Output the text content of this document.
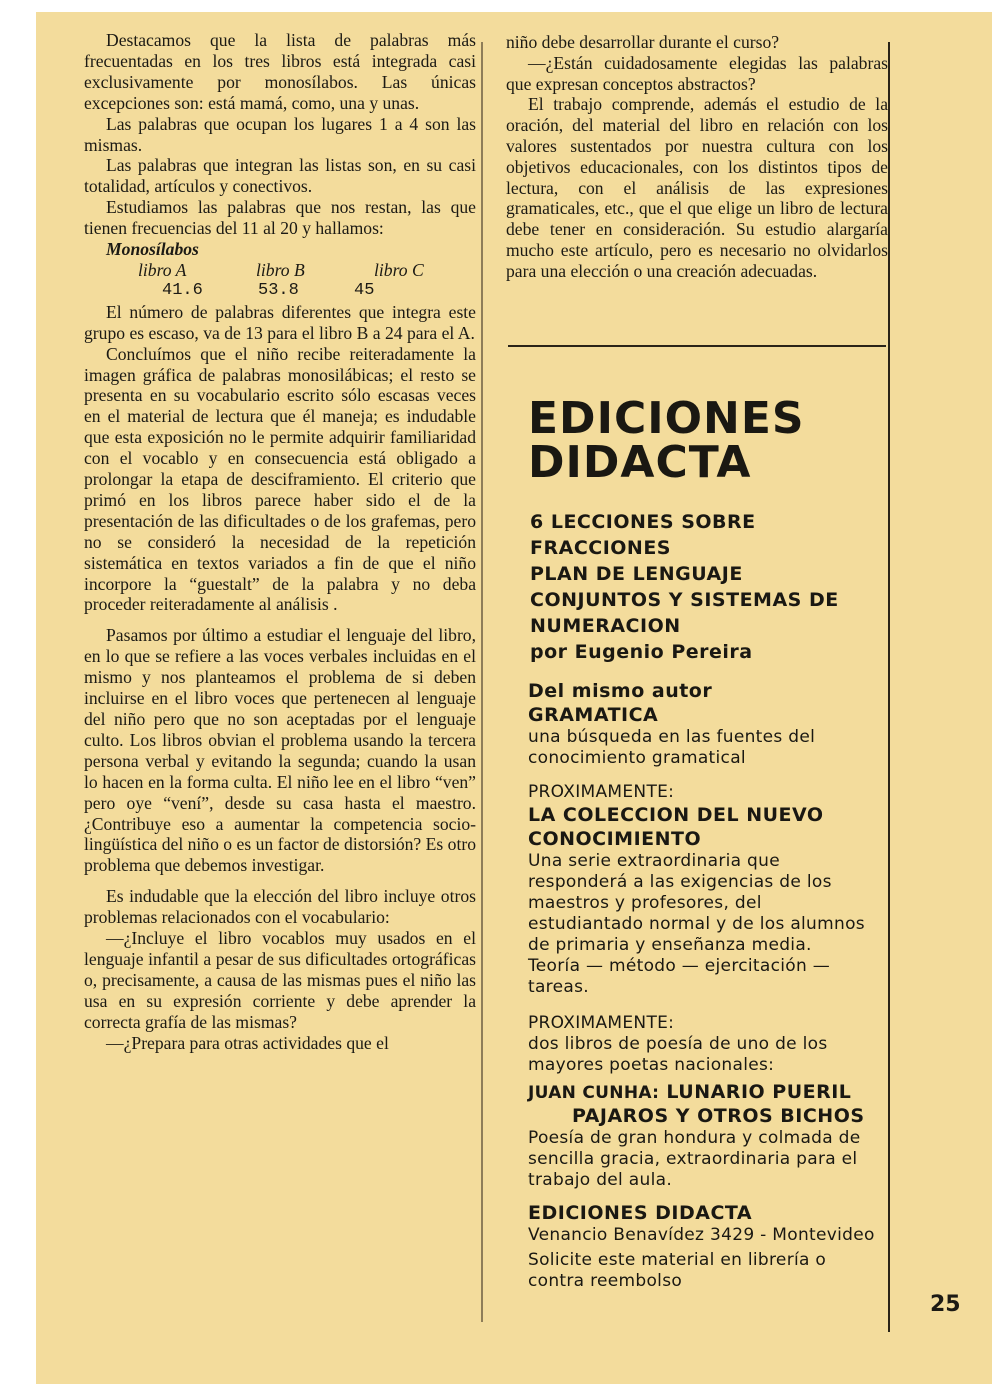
Destacamos que la lista de palabras más frecuentadas en los tres libros está integrada casi exclusivamente por monosílabos. Las únicas excepciones son: está mamá, como, una y unas.

Las palabras que ocupan los lugares 1 a 4 son las mismas.

Las palabras que integran las listas son, en su casi totalidad, artículos y conectivos.

Estudiamos las palabras que nos restan, las que tienen frecuencias del 11 al 20 y hallamos:

Monosílabos

libro A	libro B	libro C
41.6	53.8	45

El número de palabras diferentes que integra este grupo es escaso, va de 13 para el libro B a 24 para el A.

Concluímos que el niño recibe reiteradamente la imagen gráfica de palabras monosilábicas; el resto se presenta en su vocabulario escrito sólo escasas veces en el material de lectura que él maneja; es indudable que esta exposición no le permite adquirir familiaridad con el vocablo y en consecuencia está obligado a prolongar la etapa de desciframiento. El criterio que primó en los libros parece haber sido el de la presentación de las dificultades o de los grafemas, pero no se consideró la necesidad de la repetición sistemática en textos variados a fin de que el niño incorpore la “guestalt” de la palabra y no deba proceder reiteradamente al análisis .

Pasamos por último a estudiar el lenguaje del libro, en lo que se refiere a las voces verbales incluidas en el mismo y nos planteamos el problema de si deben incluirse en el libro voces que pertenecen al lenguaje del niño pero que no son aceptadas por el lenguaje culto. Los libros obvian el problema usando la tercera persona verbal y evitando la segunda; cuando la usan lo hacen en la forma culta. El niño lee en el libro “ven” pero oye “vení”, desde su casa hasta el maestro. ¿Contribuye eso a aumentar la competencia socio-lingüística del niño o es un factor de distorsión? Es otro problema que debemos investigar.

Es indudable que la elección del libro incluye otros problemas relacionados con el vocabulario:

—¿Incluye el libro vocablos muy usados en el lenguaje infantil a pesar de sus dificultades ortográficas o, precisamente, a causa de las mismas pues el niño las usa en su expresión corriente y debe aprender la correcta grafía de las mismas?

—¿Prepara para otras actividades que el

niño debe desarrollar durante el curso?

—¿Están cuidadosamente elegidas las palabras que expresan conceptos abstractos?

El trabajo comprende, además el estudio de la oración, del material del libro en relación con los valores sustentados por nuestra cultura con los objetivos educacionales, con los distintos tipos de lectura, con el análisis de las expresiones gramaticales, etc., que el que elige un libro de lectura debe tener en consideración. Su estudio alargaría mucho este artículo, pero es necesario no olvidarlos para una elección o una creación adecuadas.

EDICIONES
DIDACTA
6 LECCIONES SOBRE
FRACCIONES
PLAN DE LENGUAJE
CONJUNTOS Y SISTEMAS DE
NUMERACION
por Eugenio Pereira
Del mismo autor
GRAMATICA
una búsqueda en las fuentes del conocimiento gramatical
PROXIMAMENTE:
LA COLECCION DEL NUEVO
CONOCIMIENTO
Una serie extraordinaria que responderá a las exigencias de los maestros y profesores, del estudiantado normal y de los alumnos de primaria y enseñanza media.
Teoría — método — ejercitación — tareas.
PROXIMAMENTE:
dos libros de poesía de uno de los mayores poetas nacionales:
JUAN CUNHA: LUNARIO PUERIL
PAJAROS Y OTROS BICHOS
Poesía de gran hondura y colmada de sencilla gracia, extraordinaria para el trabajo del aula.
EDICIONES DIDACTA
Venancio Benavídez 3429 - Montevideo
Solicite este material en librería o contra reembolso
25
